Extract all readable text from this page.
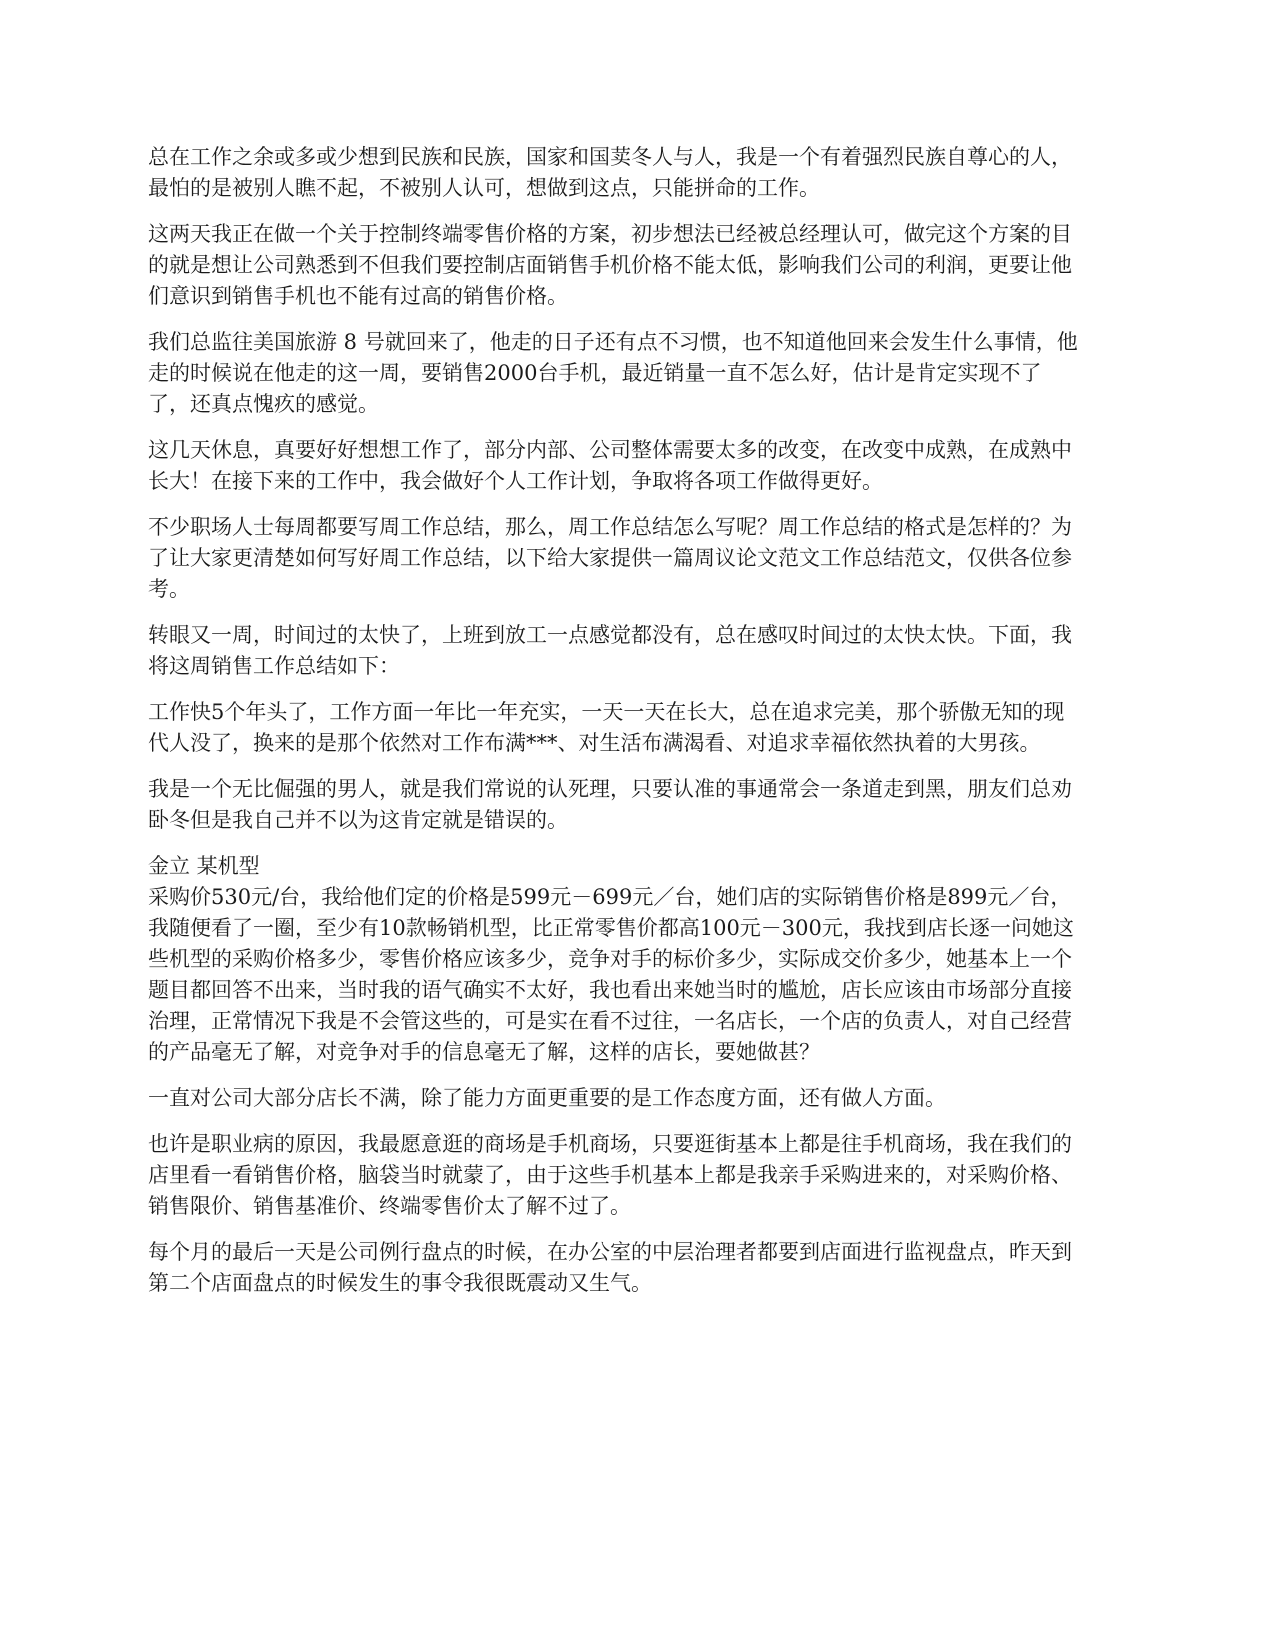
总在工作之余或多或少想到民族和民族，国家和国荬冬人与人，我是一个有着强烈民族自尊心的人，最怕的是被别人瞧不起，不被别人认可，想做到这点，只能拼命的工作。

这两天我正在做一个关于控制终端零售价格的方案，初步想法已经被总经理认可，做完这个方案的目的就是想让公司熟悉到不但我们要控制店面销售手机价格不能太低，影响我们公司的利润，更要让他们意识到销售手机也不能有过高的销售价格。

我们总监往美国旅游 8 号就回来了，他走的日子还有点不习惯，也不知道他回来会发生什么事情，他走的时候说在他走的这一周，要销售2000台手机，最近销量一直不怎么好，估计是肯定实现不了了，还真点愧疚的感觉。

这几天休息，真要好好想想工作了，部分内部、公司整体需要太多的改变，在改变中成熟，在成熟中长大！在接下来的工作中，我会做好个人工作计划，争取将各项工作做得更好。

不少职场人士每周都要写周工作总结，那么，周工作总结怎么写呢？周工作总结的格式是怎样的？为了让大家更清楚如何写好周工作总结，以下给大家提供一篇周议论文范文工作总结范文，仅供各位参考。

转眼又一周，时间过的太快了，上班到放工一点感觉都没有，总在感叹时间过的太快太快。下面，我将这周销售工作总结如下：

工作快5个年头了，工作方面一年比一年充实，一天一天在长大，总在追求完美，那个骄傲无知的现代人没了，换来的是那个依然对工作布满***、对生活布满渴看、对追求幸福依然执着的大男孩。

我是一个无比倔强的男人，就是我们常说的认死理，只要认准的事通常会一条道走到黑，朋友们总劝卧冬但是我自己并不以为这肯定就是错误的。

金立 某机型

采购价530元/台，我给他们定的价格是599元－699元／台，她们店的实际销售价格是899元／台，我随便看了一圈，至少有10款畅销机型，比正常零售价都高100元－300元，我找到店长逐一问她这些机型的采购价格多少，零售价格应该多少，竞争对手的标价多少，实际成交价多少，她基本上一个题目都回答不出来，当时我的语气确实不太好，我也看出来她当时的尴尬，店长应该由市场部分直接治理，正常情况下我是不会管这些的，可是实在看不过往，一名店长，一个店的负责人，对自己经营的产品毫无了解，对竞争对手的信息毫无了解，这样的店长，要她做甚？

一直对公司大部分店长不满，除了能力方面更重要的是工作态度方面，还有做人方面。

也许是职业病的原因，我最愿意逛的商场是手机商场，只要逛街基本上都是往手机商场，我在我们的店里看一看销售价格，脑袋当时就蒙了，由于这些手机基本上都是我亲手采购进来的，对采购价格、销售限价、销售基准价、终端零售价太了解不过了。

每个月的最后一天是公司例行盘点的时候，在办公室的中层治理者都要到店面进行监视盘点，昨天到第二个店面盘点的时候发生的事令我很既震动又生气。
